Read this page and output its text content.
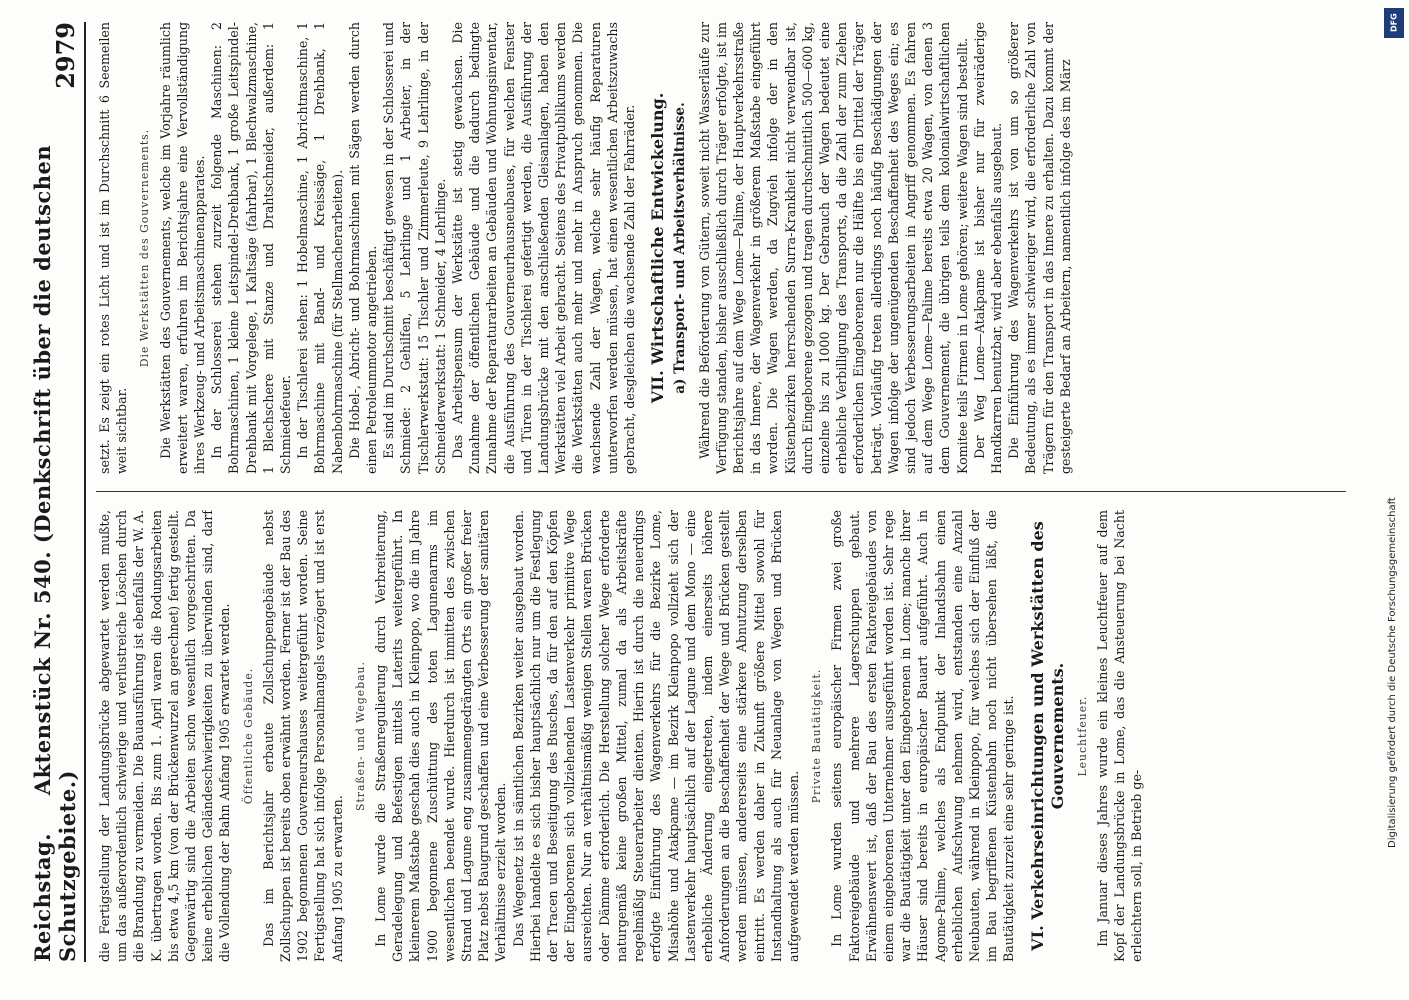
Reichstag. Aktenstück Nr. 540. (Denkschrift über die deutschen Schutzgebiete.)
2979

die Fertigstellung der Landungsbrücke abgewartet werden mußte, um das außerordentlich schwierige und verlustreiche Löschen durch die Brandung zu vermeiden. Die Bauausführung ist ebenfalls der W. A. K. übertragen worden. Bis zum 1. April waren die Rodungsarbeiten bis etwa 4,5 km (von der Brückenwurzel an gerechnet) fertig gestellt. Gegenwärtig sind die Arbeiten schon wesentlich vorgeschritten. Da keine erheblichen Geländeschwierigkeiten zu überwinden sind, darf die Vollendung der Bahn Anfang 1905 erwartet werden. Öffentliche Gebäude. Das im Berichtsjahr erbaute Zollschuppengebäude nebst Zollschuppen ist bereits oben erwähnt worden. Ferner ist der Bau des 1902 begonnenen Gouverneurshauses weitergeführt worden. Seine Fertigstellung hat sich infolge Personalmangels verzögert und ist erst Anfang 1905 zu erwarten.

Straßen- und Wegebau. In Lome wurde die Straßenregulierung durch Verbreiterung, Geradelegung und Befestigen mittels Laterits weitergeführt. In kleinerem Maßstabe geschah dies auch in Kleinpopo, wo die im Jahre 1900 begonnene Zuschüttung des toten Lagunenarms im wesentlichen beendet wurde. Hierdurch ist inmitten des zwischen Strand und Lagune eng zusammengedrängten Orts ein großer freier Platz nebst Baugrund geschaffen und eine Verbesserung der sanitären Verhältnisse erzielt worden. Das Wegenetz ist in sämtlichen Bezirken weiter ausgebaut worden. Hierbei handelte es sich bisher hauptsächlich nur um die Festlegung der Tracen und Beseitigung des Busches, da für den auf den Köpfen der Eingeborenen sich vollziehenden Lastenverkehr primitive Wege ausreichten. Nur an verhältnismäßig wenigen Stellen waren Brücken oder Dämme erforderlich. Die Herstellung solcher Wege erforderte naturgemäß keine großen Mittel, zumal da als Arbeitskräfte regelmäßig Steuerarbeiter dienten. Hierin ist durch die neuerdings erfolgte Einführung des Wagenverkehrs für die Bezirke Lome, Misahöhe und Atakpame — im Bezirk Kleinpopo vollzieht sich der Lastenverkehr hauptsächlich auf der Lagune und dem Mono — eine erhebliche Änderung eingetreten, indem einerseits höhere Anforderungen an die Beschaffenheit der Wege und Brücken gestellt werden müssen, andererseits eine stärkere Abnutzung derselben eintritt. Es werden daher in Zukunft größere Mittel sowohl für Instandhaltung als auch für Neuanlage von Wegen und Brücken aufgewendet werden müssen.

Private Bautätigkeit. In Lome wurden seitens europäischer Firmen zwei große Faktoreigebäude und mehrere Lagerschuppen gebaut. Erwähnenswert ist, daß der Bau des ersten Faktoreigebäudes von einem eingeborenen Unternehmer ausgeführt worden ist. Sehr rege war die Bautätigkeit unter den Eingeborenen in Lome; manche ihrer Häuser sind bereits in europäischer Bauart aufgeführt. Auch in Agome-Palime, welches als Endpunkt der Inlandsbahn einen erheblichen Aufschwung nehmen wird, entstanden eine Anzahl Neubauten, während in Kleinpopo, für welches sich der Einfluß der im Bau begriffenen Küstenbahn noch nicht übersehen läßt, die Bautätigkeit zurzeit eine sehr geringe ist. VI. Verkehrseinrichtungen und Werkstätten des Gouvernements. Leuchtfeuer. Im Januar dieses Jahres wurde ein kleines Leuchtfeuer auf dem Kopf der Landungsbrücke in Lome, das die Ansteuerung bei Nacht erleichtern soll, in Betrieb ge-

setzt. Es zeigt ein rotes Licht und ist im Durchschnitt 6 Seemeilen weit sichtbar.

Die Werkstätten des Gouvernements. Die Werkstätten des Gouvernements, welche im Vorjahre räumlich erweitert waren, erfuhren im Berichtsjahre eine Vervollständigung ihres Werkzeug- und Arbeitsmaschinenapparates. In der Schlosserei stehen zurzeit folgende Maschinen: 2 Bohrmaschinen, 1 kleine Leitspindel-Drehbank, 1 große Leitspindel-Drehbank mit Vorgelege, 1 Kaltsäge (fahrbar), 1 Blechwalzmaschine, 1 Blechschere mit Stanze und Drahtschneider, außerdem: 1 Schmiedefeuer. In der Tischlerei stehen: 1 Hobelmaschine, 1 Abrichtmaschine, 1 Bohrmaschine mit Band- und Kreissäge, 1 Drehbank, 1 Nabenbohrmaschine (für Stellmacherarbeiten). Die Hobel-, Abricht- und Bohrmaschinen mit Sägen werden durch einen Petroleummotor angetrieben. Es sind im Durchschnitt beschäftigt gewesen in der Schlosserei und Schmiede: 2 Gehilfen, 5 Lehrlinge und 1 Arbeiter, in der Tischlerwerkstatt: 15 Tischler und Zimmerleute, 9 Lehrlinge, in der Schneiderwerkstatt: 1 Schneider, 4 Lehrlinge. Das Arbeitspensum der Werkstätte ist stetig gewachsen. Die Zunahme der öffentlichen Gebäude und die dadurch bedingte Zunahme der Reparaturarbeiten an Gebäuden und Wohnungsinventar, die Ausführung des Gouverneurhausneubaues, für welchen Fenster und Türen in der Tischlerei gefertigt werden, die Ausführung der Landungsbrücke mit den anschließenden Gleisanlagen, haben den Werkstätten viel Arbeit gebracht. Seitens des Privatpublikums werden die Werkstätten auch mehr und mehr in Anspruch genommen. Die wachsende Zahl der Wagen, welche sehr häufig Reparaturen unterworfen werden müssen, hat einen wesentlichen Arbeitszuwachs gebracht, desgleichen die wachsende Zahl der Fahrräder. VII. Wirtschaftliche Entwickelung. a) Transport- und Arbeitsverhältnisse. Während die Beförderung von Gütern, soweit nicht Wasserläufe zur Verfügung standen, bisher ausschließlich durch Träger erfolgte, ist im Berichtsjahre auf dem Wege Lome—Palime, der Hauptverkehrsstraße in das Innere, der Wagenverkehr in größerem Maßstabe eingeführt worden. Die Wagen werden, da Zugvieh infolge der in den Küstenbezirken herrschenden Surra-Krankheit nicht verwendbar ist, durch Eingeborene gezogen und tragen durchschnittlich 500—600 kg, einzelne bis zu 1000 kg. Der Gebrauch der Wagen bedeutet eine erhebliche Verbilligung des Transports, da die Zahl der zum Ziehen erforderlichen Eingeborenen nur die Hälfte bis ein Drittel der Träger beträgt. Vorläufig treten allerdings noch häufig Beschädigungen der Wagen infolge der ungenügenden Beschaffenheit des Weges ein; es sind jedoch Verbesserungsarbeiten in Angriff genommen. Es fahren auf dem Wege Lome—Palime bereits etwa 20 Wagen, von denen 3 dem Gouvernement, die übrigen teils dem kolonialwirtschaftlichen Komitee teils Firmen in Lome gehören; weitere Wagen sind bestellt. Der Weg Lome—Atakpame ist bisher nur für zweiräderige Handkarren benutzbar, wird aber ebenfalls ausgebaut. Die Einführung des Wagenverkehrs ist von um so größerer Bedeutung, als es immer schwieriger wird, die erforderliche Zahl von Trägern für den Transport in das Innere zu erhalten. Dazu kommt der gesteigerte Bedarf an Arbeitern, namentlich infolge des im März

DFG
Digitalisierung gefördert durch die Deutsche Forschungsgemeinschaft
